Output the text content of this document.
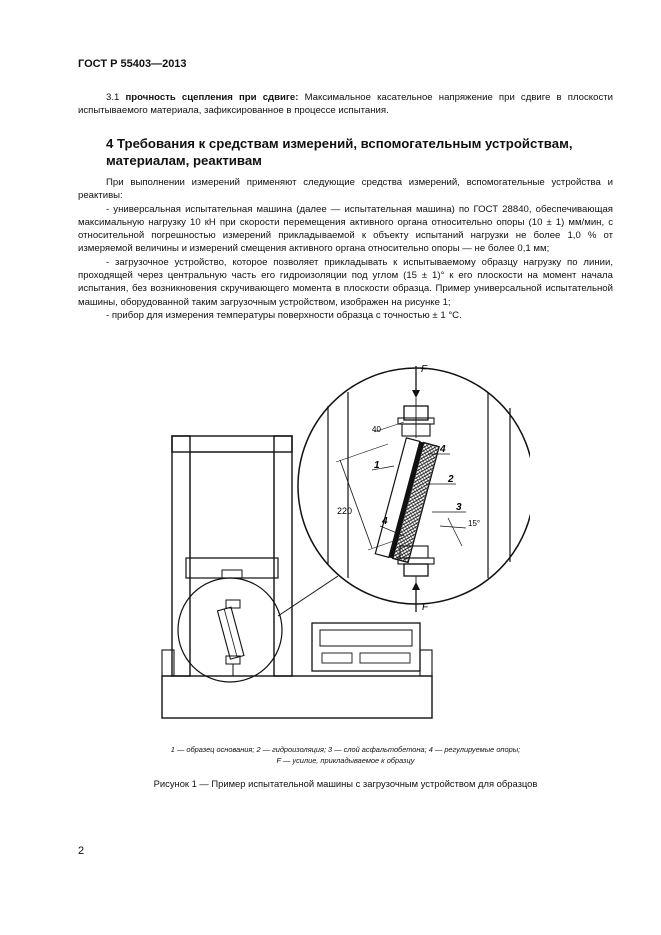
ГОСТ Р 55403—2013

3.1 прочность сцепления при сдвиге: Максимальное касательное напряжение при сдвиге в плоскости испытываемого материала, зафиксированное в процессе испытания.

4 Требования к средствам измерений, вспомогательным устройствам, материалам, реактивам

При выполнении измерений применяют следующие средства измерений, вспомогательные устройства и реактивы:

- универсальная испытательная машина (далее — испытательная машина) по ГОСТ 28840, обеспечивающая максимальную нагрузку 10 кН при скорости перемещения активного органа относительно опоры (10 ± 1) мм/мин, с относительной погрешностью измерений прикладываемой к объекту испытаний нагрузки не более 1,0 % от измеряемой величины и измерений смещения активного органа относительно опоры — не более 0,1 мм;

- загрузочное устройство, которое позволяет прикладывать к испытываемому образцу нагрузку по линии, проходящей через центральную часть его гидроизоляции под углом (15 ± 1)° к его плоскости на момент начала испытания, без возникновения скручивающего момента в плоскости образца. Пример универсальной испытательной машины, оборудованной таким загрузочным устройством, изображен на рисунке 1;

- прибор для измерения температуры поверхности образца с точностью ± 1 °С.

F
F
220
40
15°
1
2
3
4
4
1 — образец основания; 2 — гидроизоляция; 3 — слой асфальтобетона; 4 — регулируемые опоры;
F — усилие, прикладываемое к образцу
Рисунок 1 — Пример испытательной машины с загрузочным устройством для образцов
2
